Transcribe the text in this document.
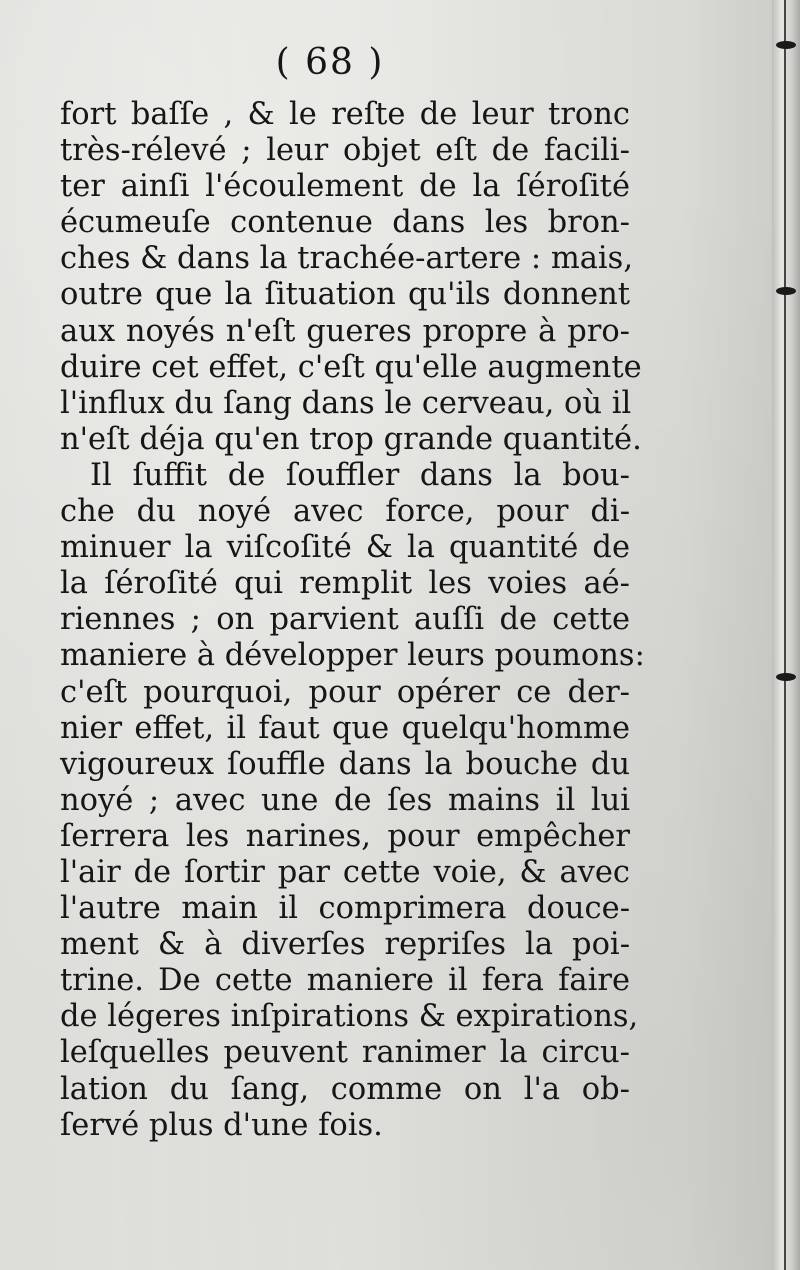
( 68 )
fort baſſe , & le reſte de leur tronc
très-rélevé ; leur objet eſt de facili-
ter ainſi l'écoulement de la ſéroſité
écumeuſe contenue dans les bron-
ches & dans la trachée-artere : mais,
outre que la ſituation qu'ils donnent
aux noyés n'eſt gueres propre à pro-
duire cet effet, c'eſt qu'elle augmente
l'influx du ſang dans le cerveau, où il
n'eſt déja qu'en trop grande quantité.
Il ſuffit de ſouffler dans la bou-
che du noyé avec force, pour di-
minuer la viſcoſité & la quantité de
la ſéroſité qui remplit les voies aé-
riennes ; on parvient auſſi de cette
maniere à développer leurs poumons:
c'eſt pourquoi, pour opérer ce der-
nier effet, il faut que quelqu'homme
vigoureux ſouffle dans la bouche du
noyé ; avec une de ſes mains il lui
ſerrera les narines, pour empêcher
l'air de ſortir par cette voie, & avec
l'autre main il comprimera douce-
ment & à diverſes repriſes la poi-
trine. De cette maniere il fera faire
de légeres inſpirations & expirations,
leſquelles peuvent ranimer la circu-
lation du ſang, comme on l'a ob-
ſervé plus d'une fois.
